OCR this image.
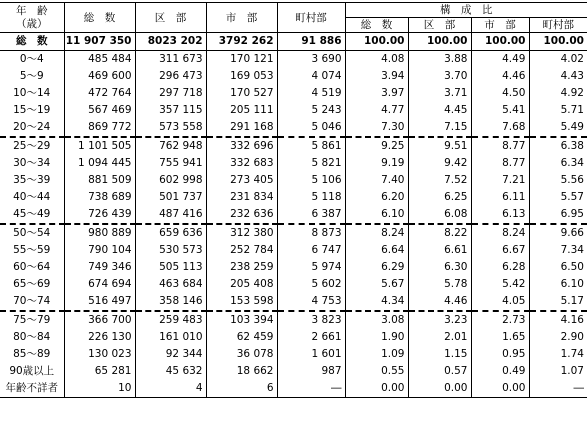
年　齢
（歳）	総　数	区　部	市　部	町村部	構　成　比			
					総　数	区　部	市　部	町村部
総　数	11 907 350	8023 202	3792 262	91 886	100.00	100.00	100.00	100.00
0～4	485 484	311 673	170 121	3 690	4.08	3.88	4.49	4.02
5～9	469 600	296 473	169 053	4 074	3.94	3.70	4.46	4.43
10～14	472 764	297 718	170 527	4 519	3.97	3.71	4.50	4.92
15～19	567 469	357 115	205 111	5 243	4.77	4.45	5.41	5.71
20～24	869 772	573 558	291 168	5 046	7.30	7.15	7.68	5.49
25～29	1 101 505	762 948	332 696	5 861	9.25	9.51	8.77	6.38
30～34	1 094 445	755 941	332 683	5 821	9.19	9.42	8.77	6.34
35～39	881 509	602 998	273 405	5 106	7.40	7.52	7.21	5.56
40～44	738 689	501 737	231 834	5 118	6.20	6.25	6.11	5.57
45～49	726 439	487 416	232 636	6 387	6.10	6.08	6.13	6.95
50～54	980 889	659 636	312 380	8 873	8.24	8.22	8.24	9.66
55～59	790 104	530 573	252 784	6 747	6.64	6.61	6.67	7.34
60～64	749 346	505 113	238 259	5 974	6.29	6.30	6.28	6.50
65～69	674 694	463 684	205 408	5 602	5.67	5.78	5.42	6.10
70～74	516 497	358 146	153 598	4 753	4.34	4.46	4.05	5.17
75～79	366 700	259 483	103 394	3 823	3.08	3.23	2.73	4.16
80～84	226 130	161 010	62 459	2 661	1.90	2.01	1.65	2.90
85～89	130 023	92 344	36 078	1 601	1.09	1.15	0.95	1.74
90歳以上	65 281	45 632	18 662	987	0.55	0.57	0.49	1.07
年齢不詳者	10	4	6	―	0.00	0.00	0.00	―
